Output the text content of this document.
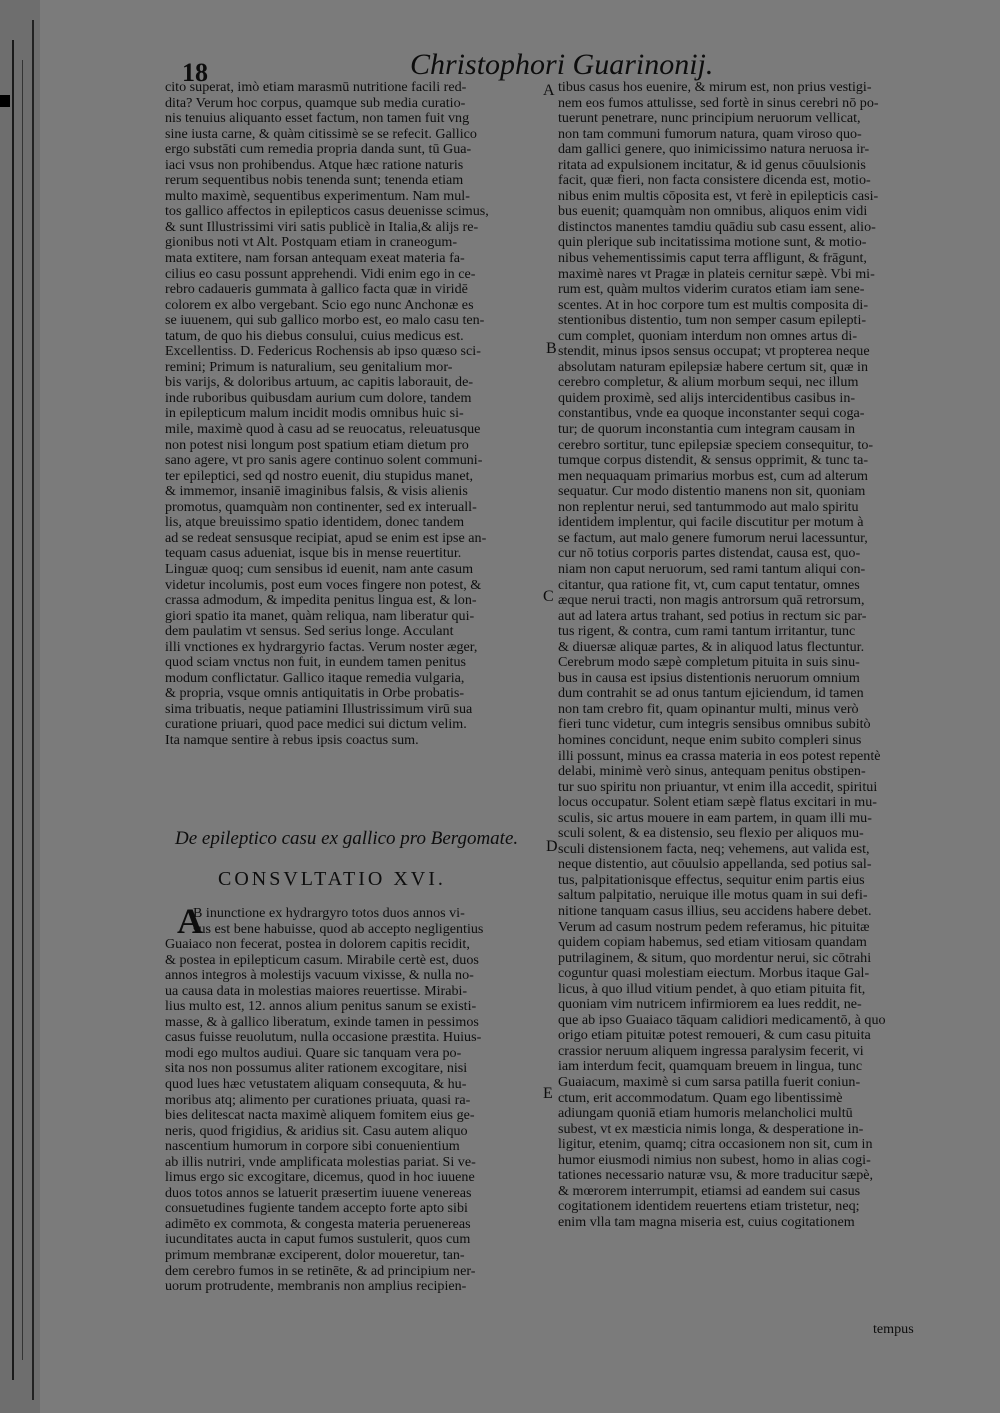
18	Christophori Guarinonij.
A
B
C
D
E
cito superat, imò etiam marasmū nutritione facili red-
dita? Verum hoc corpus, quamque sub media curatio-
nis tenuius aliquanto esset factum, non tamen fuit vng
sine iusta carne, & quàm citissimè se se refecit. Gallico
ergo substāti cum remedia propria danda sunt, tū Gua-
iaci vsus non prohibendus. Atque hæc ratione naturis
rerum sequentibus nobis tenenda sunt; tenenda etiam
multo maximè, sequentibus experimentum. Nam mul-
tos gallico affectos in epilepticos casus deuenisse scimus,
& sunt Illustrissimi viri satis publicè in Italia,& alijs re-
gionibus noti vt Alt. Postquam etiam in craneogum-
mata extitere, nam forsan antequam exeat materia fa-
cilius eo casu possunt apprehendi. Vidi enim ego in ce-
rebro cadaueris gummata à gallico facta quæ in viridē
colorem ex albo vergebant. Scio ego nunc Anchonæ es
se iuuenem, qui sub gallico morbo est, eo malo casu ten-
tatum, de quo his diebus consului, cuius medicus est.
Excellentiss. D. Federicus Rochensis ab ipso quæso sci-
remini; Primum is naturalium, seu genitalium mor-
bis varijs, & doloribus artuum, ac capitis laborauit, de-
inde ruboribus quibusdam aurium cum dolore, tandem
in epilepticum malum incidit modis omnibus huic si-
mile, maximè quod à casu ad se reuocatus, releuatusque
non potest nisi longum post spatium etiam dietum pro
sano agere, vt pro sanis agere continuo solent communi-
ter epileptici, sed qd nostro euenit, diu stupidus manet,
& immemor, insaniē imaginibus falsis, & visis alienis
promotus, quamquàm non continenter, sed ex interuall-
lis, atque breuissimo spatio identidem, donec tandem
ad se redeat sensusque recipiat, apud se enim est ipse an-
tequam casus adueniat, isque bis in mense reuertitur.
Linguæ quoq; cum sensibus id euenit, nam ante casum
videtur incolumis, post eum voces fingere non potest, &
crassa admodum, & impedita penitus lingua est, & lon-
giori spatio ita manet, quàm reliqua, nam liberatur qui-
dem paulatim vt sensus. Sed serius longe. Acculant
illi vnctiones ex hydrargyrio factas. Verum noster æger,
quod sciam vnctus non fuit, in eundem tamen penitus
modum conflictatur. Gallico itaque remedia vulgaria,
& propria, vsque omnis antiquitatis in Orbe probatis-
sima tribuatis, neque patiamini Illustrissimum virū sua
curatione priuari, quod pace medici sui dictum velim.
Ita namque sentire à rebus ipsis coactus sum.
De epileptico casu ex gallico pro Bergomate.
CONSVLTATIO XVI.
A
B inunctione ex hydrargyro totos duos annos vi-
sus est bene habuisse, quod ab accepto negligentius
Guaiaco non fecerat, postea in dolorem capitis recidit,
& postea in epilepticum casum. Mirabile certè est, duos
annos integros à molestijs vacuum vixisse, & nulla no-
ua causa data in molestias maiores reuertisse. Mirabi-
lius multo est, 12. annos alium penitus sanum se existi-
masse, & à gallico liberatum, exinde tamen in pessimos
casus fuisse reuolutum, nulla occasione præstita. Huius-
modi ego multos audiui. Quare sic tanquam vera po-
sita nos non possumus aliter rationem excogitare, nisi
quod lues hæc vetustatem aliquam consequuta, & hu-
moribus atq; alimento per curationes priuata, quasi ra-
bies delitescat nacta maximè aliquem fomitem eius ge-
neris, quod frigidius, & aridius sit. Casu autem aliquo
nascentium humorum in corpore sibi conuenientium
ab illis nutriri, vnde amplificata molestias pariat. Si ve-
limus ergo sic excogitare, dicemus, quod in hoc iuuene
duos totos annos se latuerit præsertim iuuene venereas
consuetudines fugiente tandem accepto forte apto sibi
adimēto ex commota, & congesta materia peruenereas
iucunditates aucta in caput fumos sustulerit, quos cum
primum membranæ exciperent, dolor moueretur, tan-
dem cerebro fumos in se retinēte, & ad principium ner-
uorum protrudente, membranis non amplius recipien-
tibus casus hos euenire, & mirum est, non prius vestigi-
nem eos fumos attulisse, sed fortè in sinus cerebri nō po-
tuerunt penetrare, nunc principium neruorum vellicat,
non tam communi fumorum natura, quam viroso quo-
dam gallici genere, quo inimicissimo natura neruosa ir-
ritata ad expulsionem incitatur, & id genus cōuulsionis
facit, quæ fieri, non facta consistere dicenda est, motio-
nibus enim multis cōposita est, vt ferè in epilepticis casi-
bus euenit; quamquàm non omnibus, aliquos enim vidi
distinctos manentes tamdiu quādiu sub casu essent, alio-
quin plerique sub incitatissima motione sunt, & motio-
nibus vehementissimis caput terra affligunt, & frāgunt,
maximè nares vt Pragæ in plateis cernitur sæpè. Vbi mi-
rum est, quàm multos viderim curatos etiam iam sene-
scentes. At in hoc corpore tum est multis composita di-
stentionibus distentio, tum non semper casum epilepti-
cum complet, quoniam interdum non omnes artus di-
stendit, minus ipsos sensus occupat; vt propterea neque
absolutam naturam epilepsiæ habere certum sit, quæ in
cerebro completur, & alium morbum sequi, nec illum
quidem proximè, sed alijs intercidentibus casibus in-
constantibus, vnde ea quoque inconstanter sequi coga-
tur; de quorum inconstantia cum integram causam in
cerebro sortitur, tunc epilepsiæ speciem consequitur, to-
tumque corpus distendit, & sensus opprimit, & tunc ta-
men nequaquam primarius morbus est, cum ad alterum
sequatur. Cur modo distentio manens non sit, quoniam
non replentur nerui, sed tantummodo aut malo spiritu
identidem implentur, qui facile discutitur per motum à
se factum, aut malo genere fumorum nerui lacessuntur,
cur nō totius corporis partes distendat, causa est, quo-
niam non caput neruorum, sed rami tantum aliqui con-
citantur, qua ratione fit, vt, cum caput tentatur, omnes
æque nerui tracti, non magis antrorsum quā retrorsum,
aut ad latera artus trahant, sed potius in rectum sic par-
tus rigent, & contra, cum rami tantum irritantur, tunc
& diuersæ aliquæ partes, & in aliquod latus flectuntur.
Cerebrum modo sæpè completum pituita in suis sinu-
bus in causa est ipsius distentionis neruorum omnium
dum contrahit se ad onus tantum ejiciendum, id tamen
non tam crebro fit, quam opinantur multi, minus verò
fieri tunc videtur, cum integris sensibus omnibus subitò
homines concidunt, neque enim subito compleri sinus
illi possunt, minus ea crassa materia in eos potest repentè
delabi, minimè verò sinus, antequam penitus obstipen-
tur suo spiritu non priuantur, vt enim illa accedit, spiritui
locus occupatur. Solent etiam sæpè flatus excitari in mu-
sculis, sic artus mouere in eam partem, in quam illi mu-
sculi solent, & ea distensio, seu flexio per aliquos mu-
sculi distensionem facta, neq; vehemens, aut valida est,
neque distentio, aut cōuulsio appellanda, sed potius sal-
tus, palpitationisque effectus, sequitur enim partis eius
saltum palpitatio, neruique ille motus quam in sui defi-
nitione tanquam casus illius, seu accidens habere debet.
Verum ad casum nostrum pedem referamus, hic pituitæ
quidem copiam habemus, sed etiam vitiosam quandam
putrilaginem, & situm, quo mordentur nerui, sic cōtrahi
coguntur quasi molestiam eiectum. Morbus itaque Gal-
licus, à quo illud vitium pendet, à quo etiam pituita fit,
quoniam vim nutricem infirmiorem ea lues reddit, ne-
que ab ipso Guaiaco tāquam calidiori medicamentō, à quo
origo etiam pituitæ potest remoueri, & cum casu pituita
crassior neruum aliquem ingressa paralysim fecerit, vi
iam interdum fecit, quamquam breuem in lingua, tunc
Guaiacum, maximè si cum sarsa patilla fuerit coniun-
ctum, erit accommodatum. Quam ego libentissimè
adiungam quoniā etiam humoris melancholici multū
subest, vt ex mæsticia nimis longa, & desperatione in-
ligitur, etenim, quamq; citra occasionem non sit, cum in
humor eiusmodi nimius non subest, homo in alias cogi-
tationes necessario naturæ vsu, & more traducitur sæpè,
& mœrorem interrumpit, etiamsi ad eandem sui casus
cogitationem identidem reuertens etiam tristetur, neq;
enim vlla tam magna miseria est, cuius cogitationem
tempus
